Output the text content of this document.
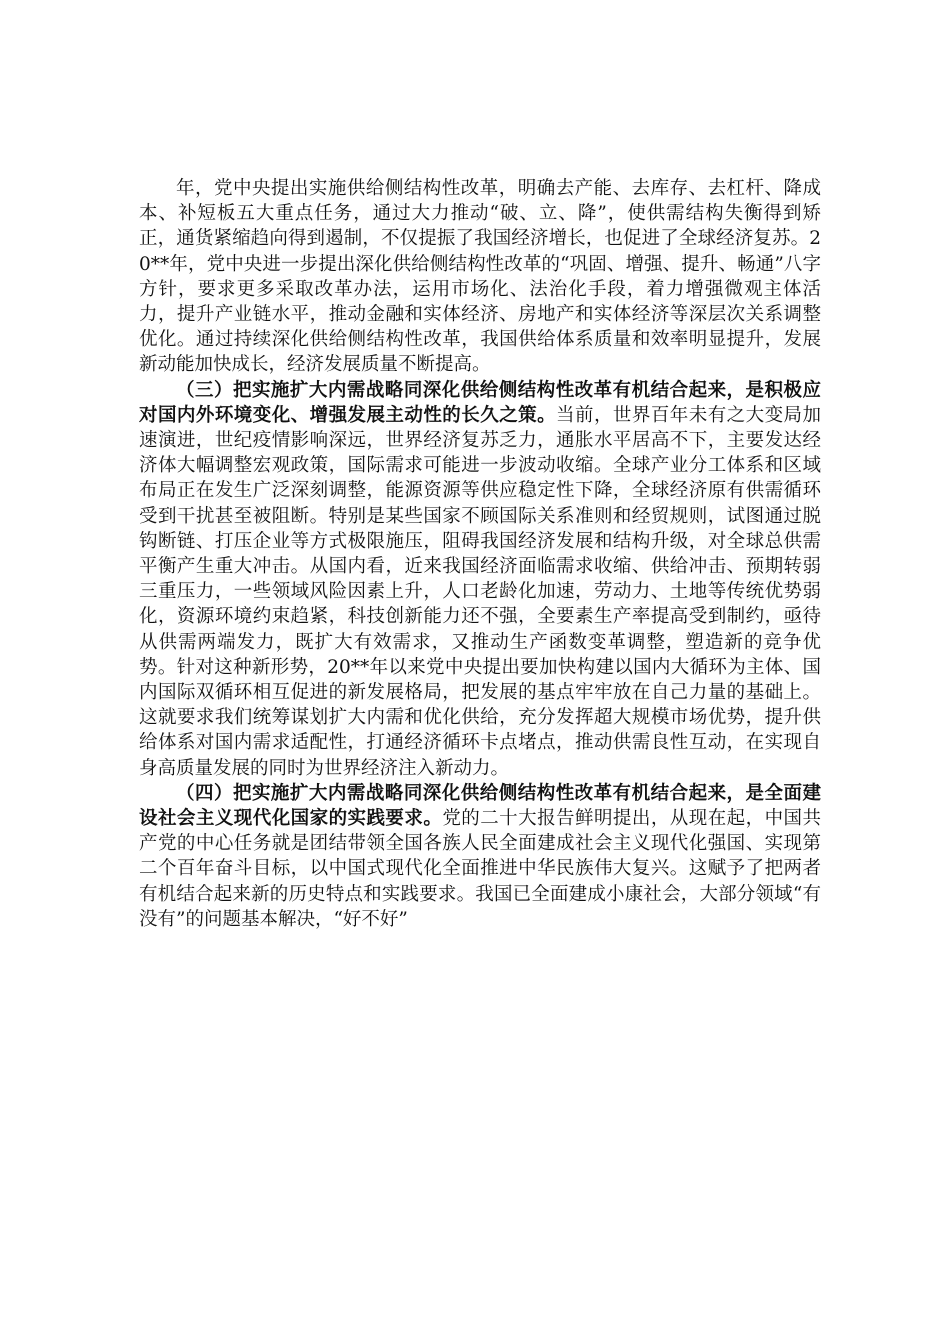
年，党中央提出实施供给侧结构性改革，明确去产能、去库存、去杠杆、降成本、补短板五大重点任务，通过大力推动“破、立、降”，使供需结构失衡得到矫正，通货紧缩趋向得到遏制，不仅提振了我国经济增长，也促进了全球经济复苏。20**年，党中央进一步提出深化供给侧结构性改革的“巩固、增强、提升、畅通”八字方针，要求更多采取改革办法，运用市场化、法治化手段，着力增强微观主体活力，提升产业链水平，推动金融和实体经济、房地产和实体经济等深层次关系调整优化。通过持续深化供给侧结构性改革，我国供给体系质量和效率明显提升，发展新动能加快成长，经济发展质量不断提高。

（三）把实施扩大内需战略同深化供给侧结构性改革有机结合起来，是积极应对国内外环境变化、增强发展主动性的长久之策。当前，世界百年未有之大变局加速演进，世纪疫情影响深远，世界经济复苏乏力，通胀水平居高不下，主要发达经济体大幅调整宏观政策，国际需求可能进一步波动收缩。全球产业分工体系和区域布局正在发生广泛深刻调整，能源资源等供应稳定性下降，全球经济原有供需循环受到干扰甚至被阻断。特别是某些国家不顾国际关系准则和经贸规则，试图通过脱钩断链、打压企业等方式极限施压，阻碍我国经济发展和结构升级，对全球总供需平衡产生重大冲击。从国内看，近来我国经济面临需求收缩、供给冲击、预期转弱三重压力，一些领域风险因素上升，人口老龄化加速，劳动力、土地等传统优势弱化，资源环境约束趋紧，科技创新能力还不强，全要素生产率提高受到制约，亟待从供需两端发力，既扩大有效需求，又推动生产函数变革调整，塑造新的竞争优势。针对这种新形势，20**年以来党中央提出要加快构建以国内大循环为主体、国内国际双循环相互促进的新发展格局，把发展的基点牢牢放在自己力量的基础上。这就要求我们统筹谋划扩大内需和优化供给，充分发挥超大规模市场优势，提升供给体系对国内需求适配性，打通经济循环卡点堵点，推动供需良性互动，在实现自身高质量发展的同时为世界经济注入新动力。

（四）把实施扩大内需战略同深化供给侧结构性改革有机结合起来，是全面建设社会主义现代化国家的实践要求。党的二十大报告鲜明提出，从现在起，中国共产党的中心任务就是团结带领全国各族人民全面建成社会主义现代化强国、实现第二个百年奋斗目标，以中国式现代化全面推进中华民族伟大复兴。这赋予了把两者有机结合起来新的历史特点和实践要求。我国已全面建成小康社会，大部分领域“有没有”的问题基本解决，“好不好”
